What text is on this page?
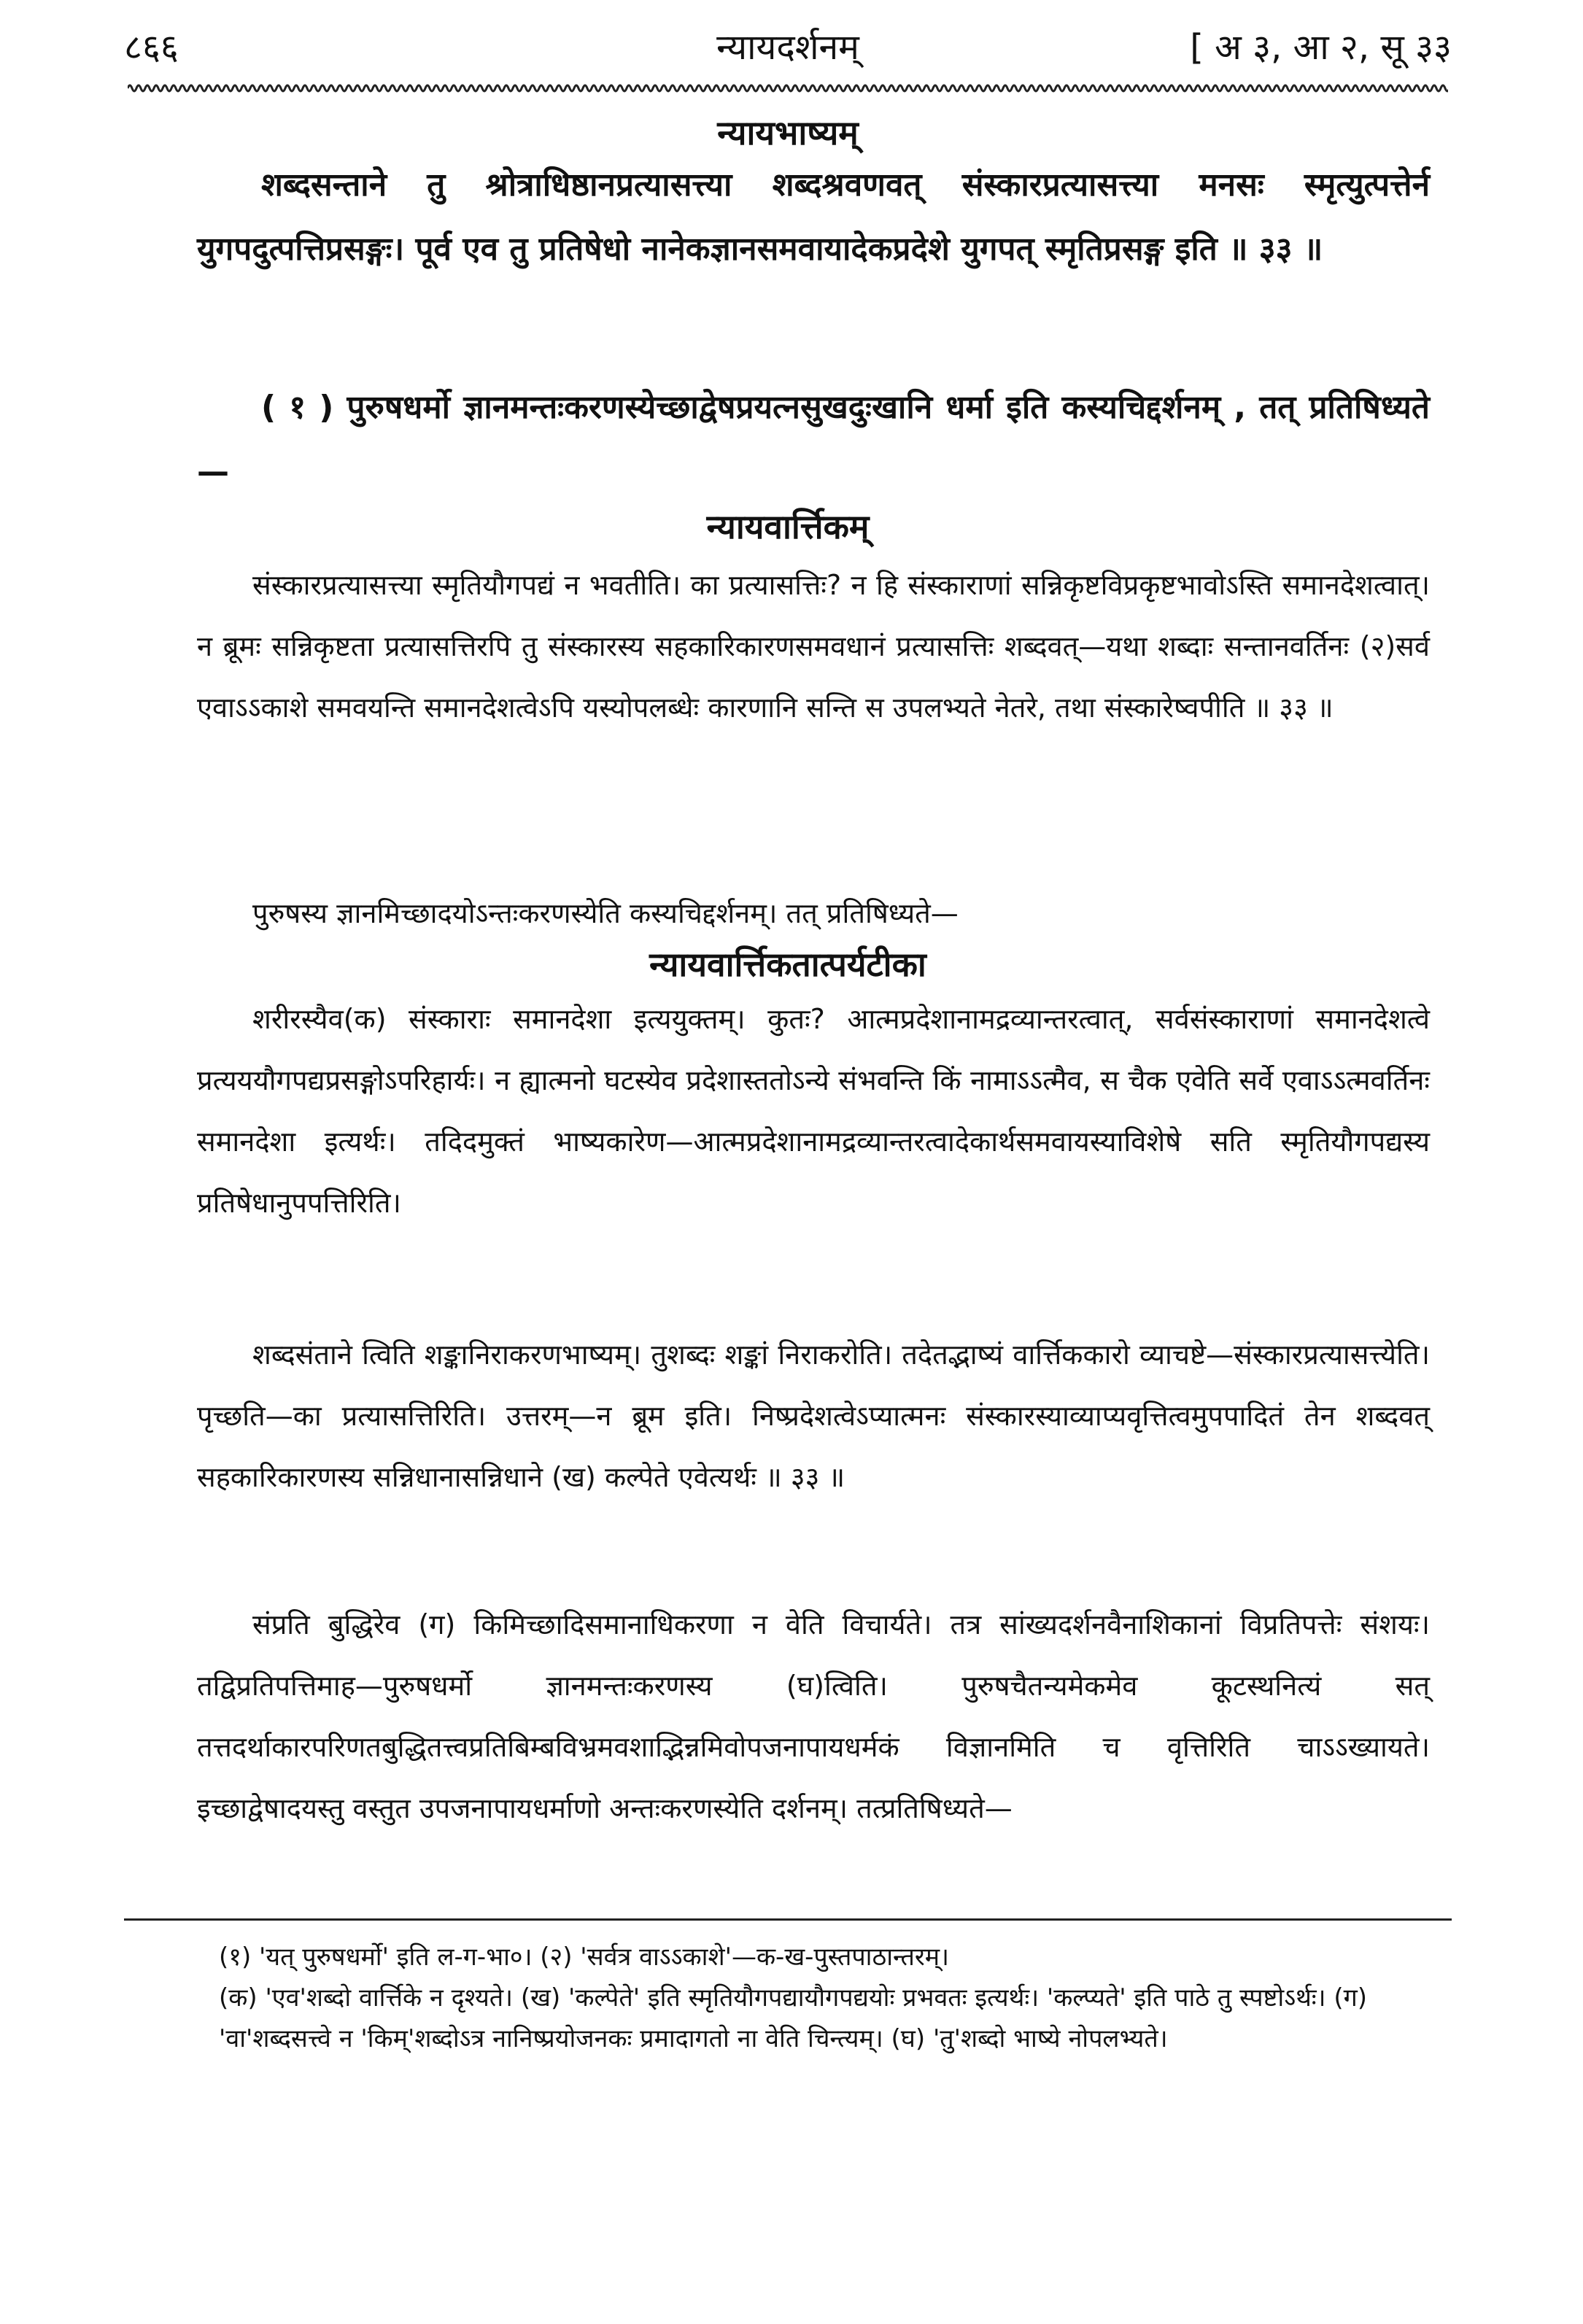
८६६	न्यायदर्शनम्	[ अ ३, आ २, सू ३३
न्यायभाष्यम्

शब्दसन्ताने तु श्रोत्राधिष्ठानप्रत्यासत्त्या शब्दश्रवणवत् संस्कारप्रत्यासत्त्या मनसः स्मृत्युत्पत्तेर्न युगपदुत्पत्तिप्रसङ्गः। पूर्व एव तु प्रतिषेधो नानेकज्ञानसमवायादेकप्रदेशे युगपत् स्मृतिप्रसङ्ग इति ॥ ३३ ॥

( १ ) पुरुषधर्मो ज्ञानमन्तःकरणस्येच्छाद्वेषप्रयत्नसुखदुःखानि धर्मा इति कस्यचिद्दर्शनम् , तत् प्रतिषिध्यते—

न्यायवार्त्तिकम्

संस्कारप्रत्यासत्त्या स्मृतियौगपद्यं न भवतीति। का प्रत्यासत्तिः? न हि संस्काराणां सन्निकृष्टविप्रकृष्टभावोऽस्ति समानदेशत्वात्। न ब्रूमः सन्निकृष्टता प्रत्यासत्तिरपि तु संस्कारस्य सहकारिकारणसमवधानं प्रत्यासत्तिः शब्दवत्—यथा शब्दाः सन्तानवर्तिनः (२)सर्व एवाऽऽकाशे समवयन्ति समानदेशत्वेऽपि यस्योपलब्धेः कारणानि सन्ति स उपलभ्यते नेतरे, तथा संस्कारेष्वपीति ॥ ३३ ॥

पुरुषस्य ज्ञानमिच्छादयोऽन्तःकरणस्येति कस्यचिद्दर्शनम्। तत् प्रतिषिध्यते—

न्यायवार्त्तिकतात्पर्यटीका

शरीरस्यैव(क) संस्काराः समानदेशा इत्ययुक्तम्। कुतः? आत्मप्रदेशानामद्रव्यान्तरत्वात्, सर्वसंस्काराणां समानदेशत्वे प्रत्यययौगपद्यप्रसङ्गोऽपरिहार्यः। न ह्यात्मनो घटस्येव प्रदेशास्ततोऽन्ये संभवन्ति किं नामाऽऽत्मैव, स चैक एवेति सर्वे एवाऽऽत्मवर्तिनः समानदेशा इत्यर्थः। तदिदमुक्तं भाष्यकारेण—आत्मप्रदेशानामद्रव्यान्तरत्वादेकार्थसमवायस्याविशेषे सति स्मृतियौगपद्यस्य प्रतिषेधानुपपत्तिरिति।

शब्दसंताने त्विति शङ्कानिराकरणभाष्यम्। तुशब्दः शङ्कां निराकरोति। तदेतद्भाष्यं वार्त्तिककारो व्याचष्टे—संस्कारप्रत्यासत्त्येति। पृच्छति—का प्रत्यासत्तिरिति। उत्तरम्—न ब्रूम इति। निष्प्रदेशत्वेऽप्यात्मनः संस्कारस्याव्याप्यवृत्तित्वमुपपादितं तेन शब्दवत् सहकारिकारणस्य सन्निधानासन्निधाने (ख) कल्पेते एवेत्यर्थः ॥ ३३ ॥

संप्रति बुद्धिरेव (ग) किमिच्छादिसमानाधिकरणा न वेति विचार्यते। तत्र सांख्यदर्शनवैनाशिकानां विप्रतिपत्तेः संशयः। तद्विप्रतिपत्तिमाह—पुरुषधर्मो ज्ञानमन्तःकरणस्य (घ)त्विति। पुरुषचैतन्यमेकमेव कूटस्थनित्यं सत् तत्तदर्थाकारपरिणतबुद्धितत्त्वप्रतिबिम्बविभ्रमवशाद्भिन्नमिवोपजनापायधर्मकं विज्ञानमिति च वृत्तिरिति चाऽऽख्यायते। इच्छाद्वेषादयस्तु वस्तुत उपजनापायधर्माणो अन्तःकरणस्येति दर्शनम्। तत्प्रतिषिध्यते—

(१) 'यत् पुरुषधर्मो' इति ल-ग-भा०। (२) 'सर्वत्र वाऽऽकाशे'—क-ख-पुस्तपाठान्तरम्।

(क) 'एव'शब्दो वार्त्तिके न दृश्यते। (ख) 'कल्पेते' इति स्मृतियौगपद्यायौगपद्ययोः प्रभवतः इत्यर्थः। 'कल्प्यते' इति पाठे तु स्पष्टोऽर्थः। (ग) 'वा'शब्दसत्त्वे न 'किम्'शब्दोऽत्र नानिष्प्रयोजनकः प्रमादागतो ना वेति चिन्त्यम्। (घ) 'तु'शब्दो भाष्ये नोपलभ्यते।
